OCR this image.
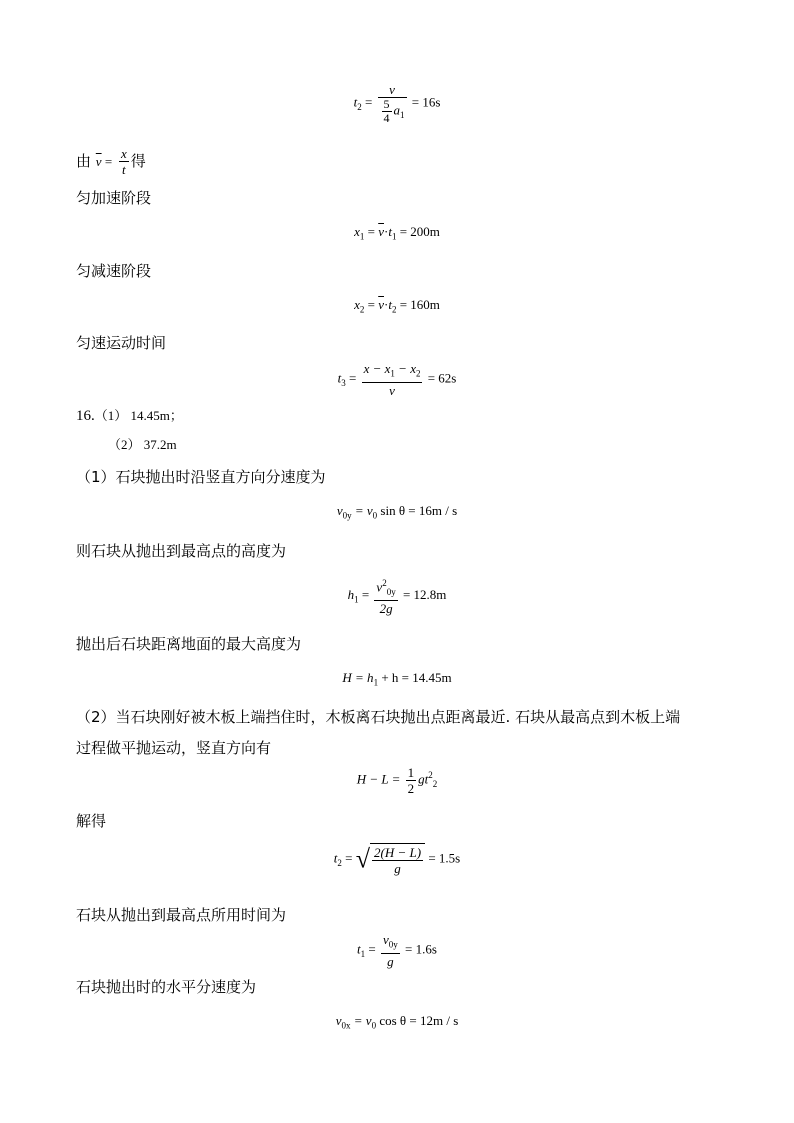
$t_2 = \frac{v}{\frac{5}{4} a_1} = 16s$
由 $\overline{v} = \frac{x}{t}$ 得
匀加速阶段
$x_1 = \overline{v}\cdot t_1 = 200m$
匀减速阶段
$x_2 = \overline{v}\cdot t_2 = 160m$
匀速运动时间
$t_3 = \frac{x - x_1 - x_2}{v} = 62s$
16.（1） 14.45m；
（2） 37.2m
（1）石块抛出时沿竖直方向分速度为
$v_{0y} = v_0$ sin θ = 16m / s
则石块从抛出到最高点的高度为
$h_1 = \frac{v^2_{0y}}{2g} = 12.8m$
抛出后石块距离地面的最大高度为
$H = h_1 + h = 14.45m$
（2）当石块刚好被木板上端挡住时，木板离石块抛出点距离最近. 石块从最高点到木板上端
过程做平抛运动，竖直方向有
$H - L = \frac{1}{2} gt^2_2$
解得
$t_2$ = √ $\frac{2(H - L)}{g} = 1.5s$
石块从抛出到最高点所用时间为
$t_1 = \frac{v_{0y}}{g} = 1.6s$
石块抛出时的水平分速度为
$v_{0x} = v_0$ cos θ = 12m / s
